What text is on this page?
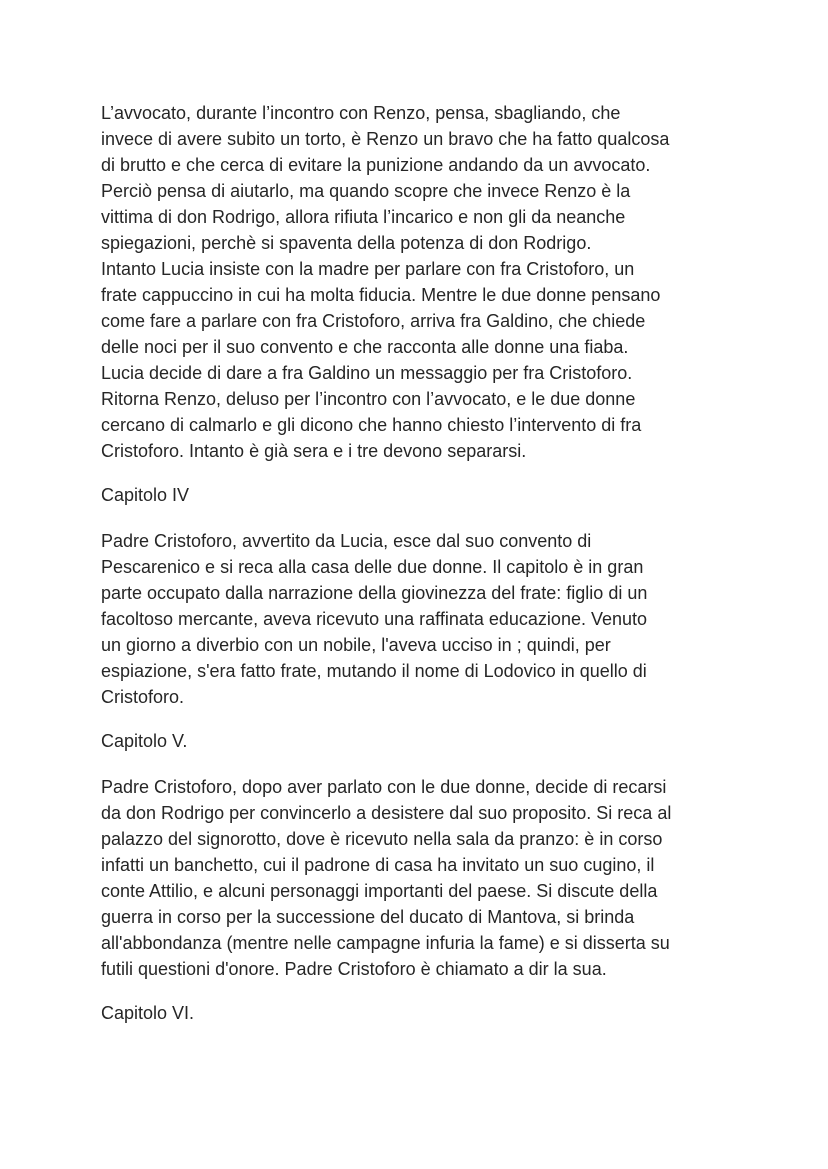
L’avvocato, durante l’incontro con Renzo, pensa, sbagliando, che
invece di avere subito un torto, è Renzo un bravo che ha fatto qualcosa
di brutto e che cerca di evitare la punizione andando da un avvocato.
Perciò pensa di aiutarlo, ma quando scopre che invece Renzo è la
vittima di don Rodrigo, allora rifiuta l’incarico e non gli da neanche
spiegazioni, perchè si spaventa della potenza di don Rodrigo.
Intanto Lucia insiste con la madre per parlare con fra Cristoforo, un
frate cappuccino in cui ha molta fiducia. Mentre le due donne pensano
come fare a parlare con fra Cristoforo, arriva fra Galdino, che chiede
delle noci per il suo convento e che racconta alle donne una fiaba.
Lucia decide di dare a fra Galdino un messaggio per fra Cristoforo.
Ritorna Renzo, deluso per l’incontro con l’avvocato, e le due donne
cercano di calmarlo e gli dicono che hanno chiesto l’intervento di fra
Cristoforo. Intanto è già sera e i tre devono separarsi.
Capitolo IV
Padre Cristoforo, avvertito da Lucia, esce dal suo convento di
Pescarenico e si reca alla casa delle due donne. Il capitolo è in gran
parte occupato dalla narrazione della giovinezza del frate: figlio di un
facoltoso mercante, aveva ricevuto una raffinata educazione. Venuto
un giorno a diverbio con un nobile, l'aveva ucciso in ; quindi, per
espiazione, s'era fatto frate, mutando il nome di Lodovico in quello di
Cristoforo.
Capitolo V.
Padre Cristoforo, dopo aver parlato con le due donne, decide di recarsi
da don Rodrigo per convincerlo a desistere dal suo proposito. Si reca al
palazzo del signorotto, dove è ricevuto nella sala da pranzo: è in corso
infatti un banchetto, cui il padrone di casa ha invitato un suo cugino, il
conte Attilio, e alcuni personaggi importanti del paese. Si discute della
guerra in corso per la successione del ducato di Mantova, si brinda
all'abbondanza (mentre nelle campagne infuria la fame) e si disserta su
futili questioni d'onore. Padre Cristoforo è chiamato a dir la sua.
Capitolo VI.
